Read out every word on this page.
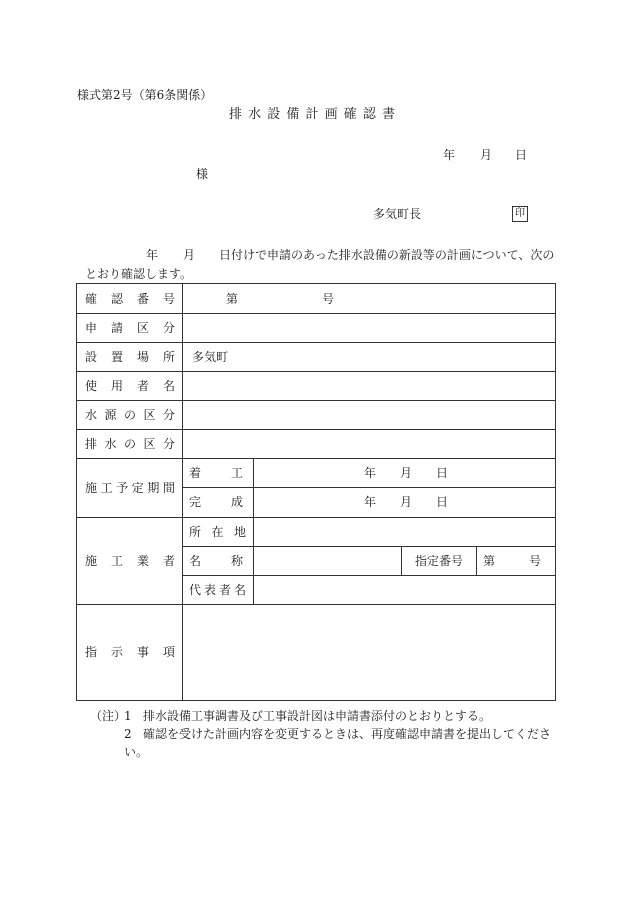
様式第2号（第6条関係）
排 水 設 備 計 画 確 認 書
年 月 日
様
多気町長	印
年 月 日付けで申請のあった排水設備の新設等の計画について、次の
とおり確認します。
確認番号	第 号			
申請区分				
設置場所	多気町			
使用者名				
水源の区分				
排水の区分				
施工予定期間	着工	年 月 日		
	完成	年 月 日		
施工業者	所在地			
	名称		指定番号	第 号
	代表者名			
指示事項				
（注）
1 排水設備工事調書及び工事設計図は申請書添付のとおりとする。
2 確認を受けた計画内容を変更するときは、再度確認申請書を提出してくださ
い。
